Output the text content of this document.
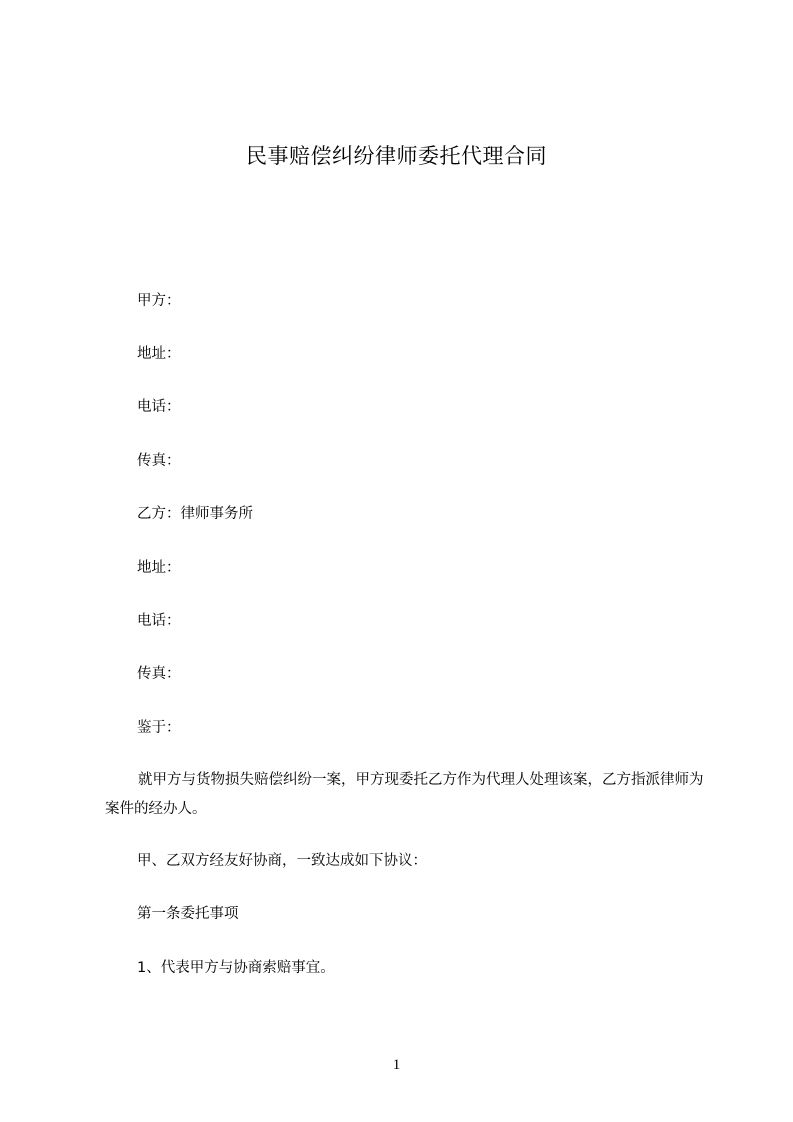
民事赔偿纠纷律师委托代理合同
甲方：
地址：
电话：
传真：
乙方：律师事务所
地址：
电话：
传真：
鉴于：
就甲方与货物损失赔偿纠纷一案，甲方现委托乙方作为代理人处理该案，乙方指派律师为案件的经办人。
甲、乙双方经友好协商，一致达成如下协议：
第一条委托事项
1、代表甲方与协商索赔事宜。
1
